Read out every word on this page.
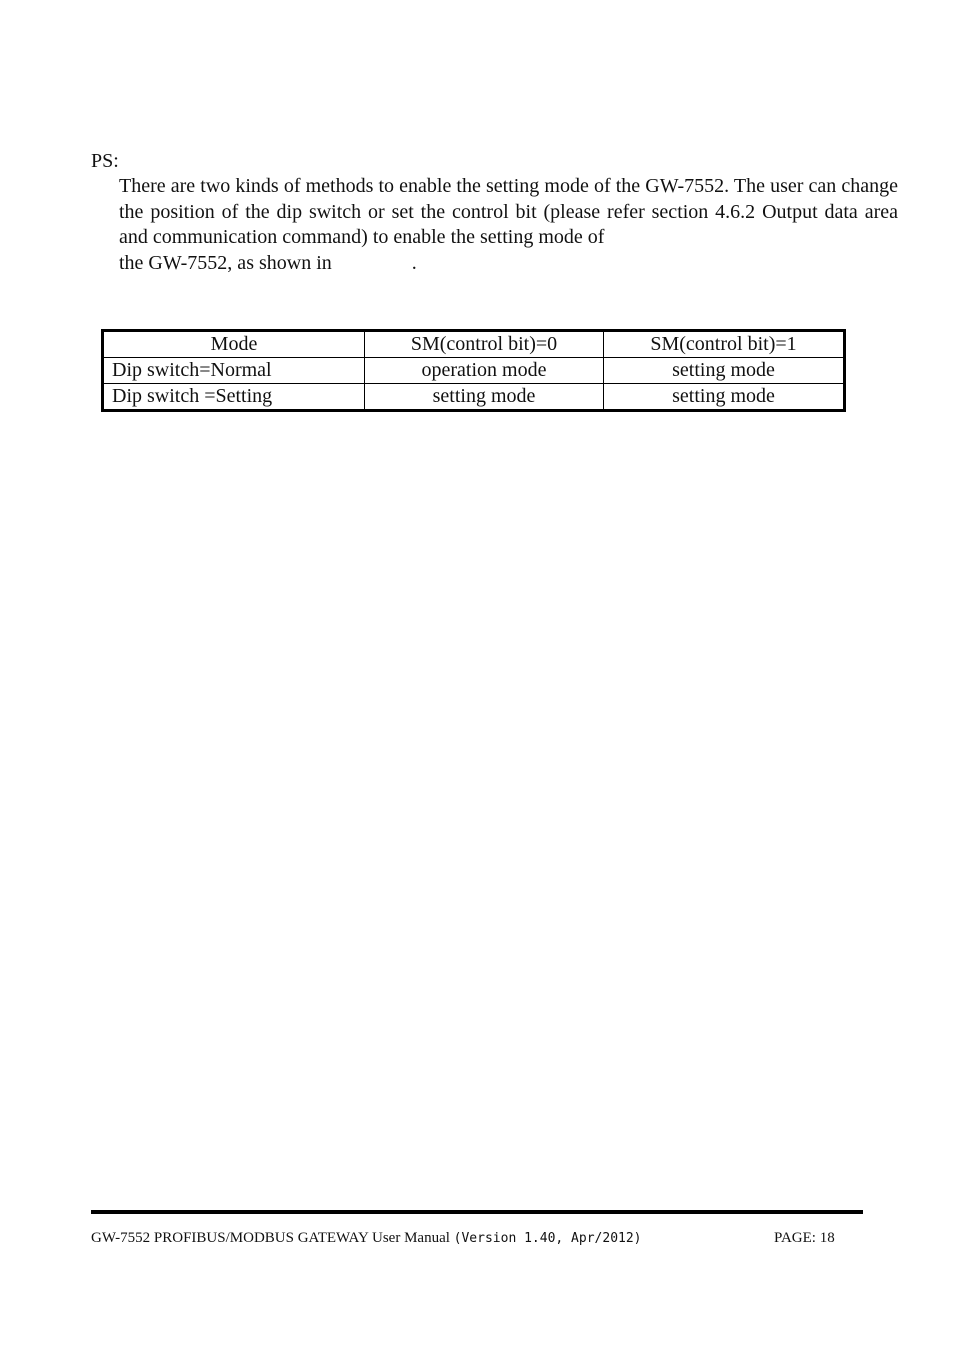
PS:
There are two kinds of methods to enable the setting mode of the GW-7552. The user can change the position of the dip switch or set the control bit (please refer section 4.6.2 Output data area and communication command) to enable the setting mode of
the GW-7552, as shown in	.
Mode	SM(control bit)=0	SM(control bit)=1
Dip switch=Normal	operation mode	setting mode
Dip switch =Setting	setting mode	setting mode
GW-7552 PROFIBUS/MODBUS GATEWAY User Manual (Version 1.40, Apr/2012)	PAGE: 18
